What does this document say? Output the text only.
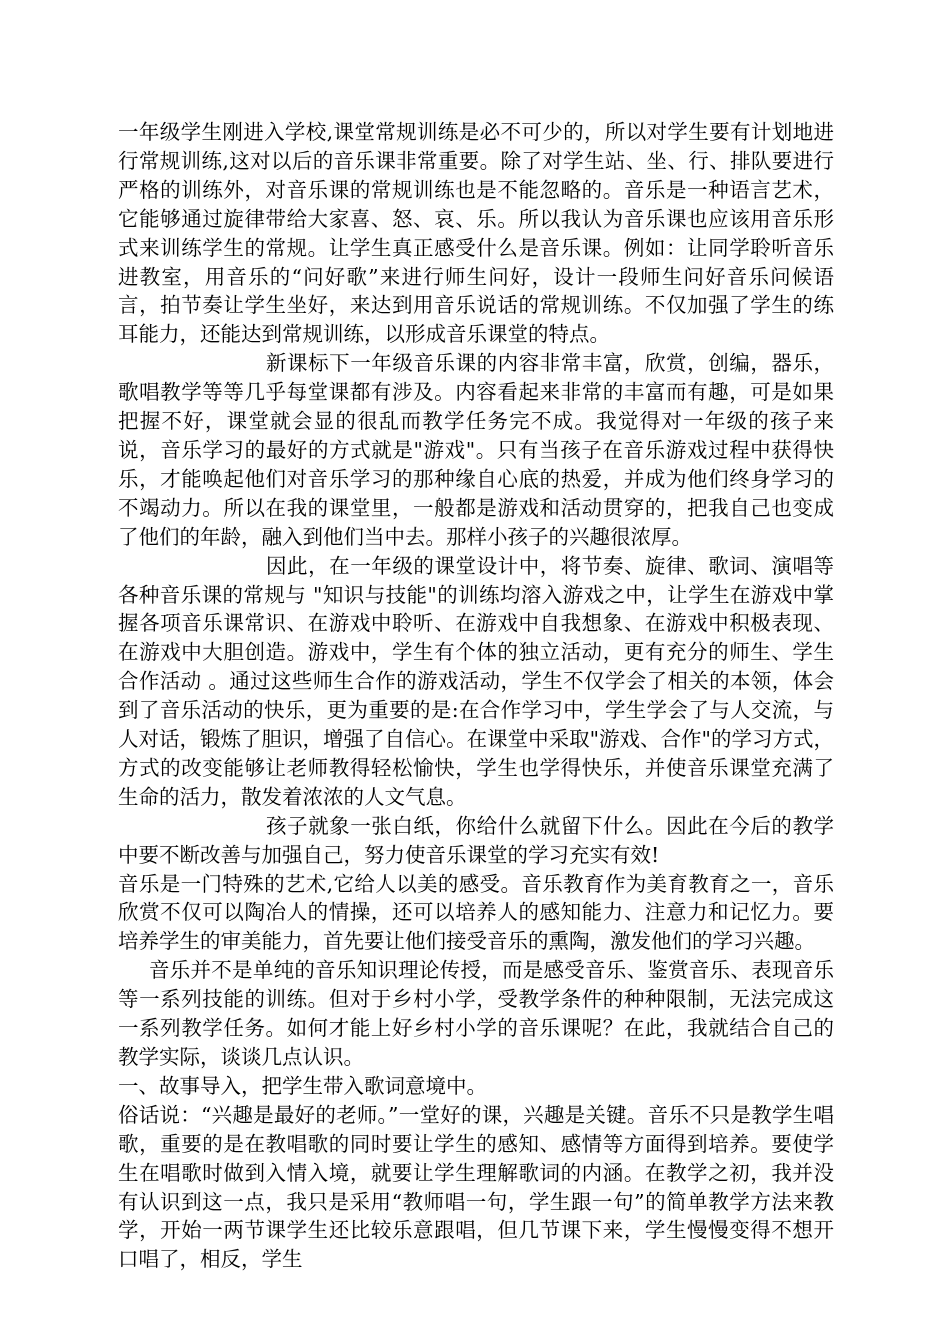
一年级学生刚进入学校,课堂常规训练是必不可少的，所以对学生要有计划地进行常规训练,这对以后的音乐课非常重要。除了对学生站、坐、行、排队要进行严格的训练外，对音乐课的常规训练也是不能忽略的。音乐是一种语言艺术，它能够通过旋律带给大家喜、怒、哀、乐。所以我认为音乐课也应该用音乐形式来训练学生的常规。让学生真正感受什么是音乐课。例如：让同学聆听音乐进教室，用音乐的“问好歌”来进行师生问好，设计一段师生问好音乐问候语言，拍节奏让学生坐好，来达到用音乐说话的常规训练。不仅加强了学生的练耳能力，还能达到常规训练，以形成音乐课堂的特点。

新课标下一年级音乐课的内容非常丰富，欣赏，创编，器乐，歌唱教学等等几乎每堂课都有涉及。内容看起来非常的丰富而有趣，可是如果把握不好，课堂就会显的很乱而教学任务完不成。我觉得对一年级的孩子来说，音乐学习的最好的方式就是"游戏"。只有当孩子在音乐游戏过程中获得快乐，才能唤起他们对音乐学习的那种缘自心底的热爱，并成为他们终身学习的不竭动力。所以在我的课堂里，一般都是游戏和活动贯穿的，把我自己也变成了他们的年龄，融入到他们当中去。那样小孩子的兴趣很浓厚。

因此，在一年级的课堂设计中，将节奏、旋律、歌词、演唱等各种音乐课的常规与 "知识与技能"的训练均溶入游戏之中，让学生在游戏中掌握各项音乐课常识、在游戏中聆听、在游戏中自我想象、在游戏中积极表现、在游戏中大胆创造。游戏中，学生有个体的独立活动，更有充分的师生、学生合作活动 。通过这些师生合作的游戏活动，学生不仅学会了相关的本领，体会到了音乐活动的快乐，更为重要的是:在合作学习中，学生学会了与人交流，与人对话，锻炼了胆识，增强了自信心。在课堂中采取"游戏、合作"的学习方式，方式的改变能够让老师教得轻松愉快，学生也学得快乐，并使音乐课堂充满了生命的活力，散发着浓浓的人文气息。

孩子就象一张白纸，你给什么就留下什么。因此在今后的教学中要不断改善与加强自己，努力使音乐课堂的学习充实有效!

音乐是一门特殊的艺术,它给人以美的感受。音乐教育作为美育教育之一，音乐欣赏不仅可以陶冶人的情操，还可以培养人的感知能力、注意力和记忆力。要培养学生的审美能力，首先要让他们接受音乐的熏陶，激发他们的学习兴趣。

音乐并不是单纯的音乐知识理论传授，而是感受音乐、鉴赏音乐、表现音乐等一系列技能的训练。但对于乡村小学，受教学条件的种种限制，无法完成这一系列教学任务。如何才能上好乡村小学的音乐课呢？在此，我就结合自己的教学实际，谈谈几点认识。

一、故事导入，把学生带入歌词意境中。

俗话说：“兴趣是最好的老师。”一堂好的课，兴趣是关键。音乐不只是教学生唱歌，重要的是在教唱歌的同时要让学生的感知、感情等方面得到培养。要使学生在唱歌时做到入情入境，就要让学生理解歌词的内涵。在教学之初，我并没有认识到这一点，我只是采用“教师唱一句，学生跟一句”的简单教学方法来教学，开始一两节课学生还比较乐意跟唱，但几节课下来，学生慢慢变得不想开口唱了，相反，学生
